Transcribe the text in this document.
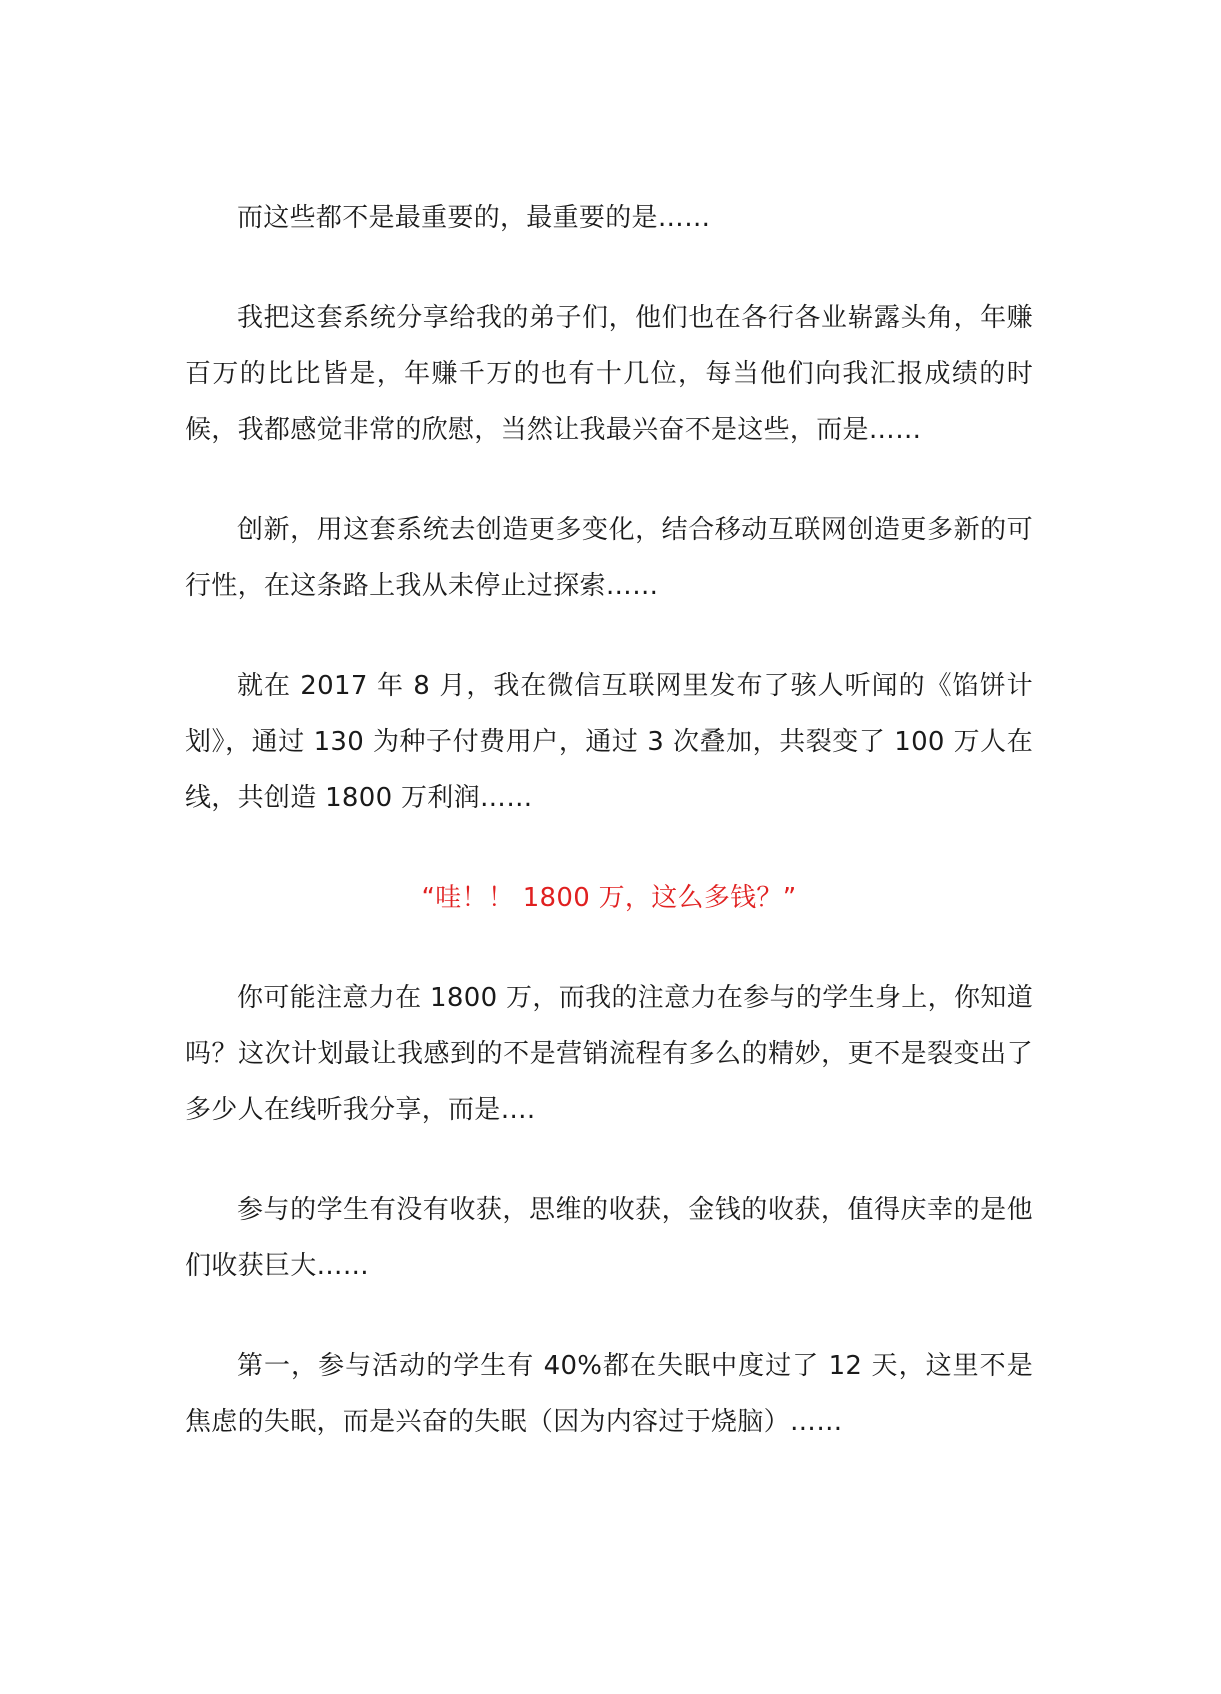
而这些都不是最重要的，最重要的是……

我把这套系统分享给我的弟子们，他们也在各行各业崭露头角，年赚百万的比比皆是，年赚千万的也有十几位，每当他们向我汇报成绩的时候，我都感觉非常的欣慰，当然让我最兴奋不是这些，而是……

创新，用这套系统去创造更多变化，结合移动互联网创造更多新的可行性，在这条路上我从未停止过探索……

就在 2017 年 8 月，我在微信互联网里发布了骇人听闻的《馅饼计划》，通过 130 为种子付费用户，通过 3 次叠加，共裂变了 100 万人在线，共创造 1800 万利润……

“哇！！ 1800 万，这么多钱？”

你可能注意力在 1800 万，而我的注意力在参与的学生身上，你知道吗？这次计划最让我感到的不是营销流程有多么的精妙，更不是裂变出了多少人在线听我分享，而是….

参与的学生有没有收获，思维的收获，金钱的收获，值得庆幸的是他们收获巨大……

第一，参与活动的学生有 40%都在失眠中度过了 12 天，这里不是焦虑的失眠，而是兴奋的失眠（因为内容过于烧脑）……
